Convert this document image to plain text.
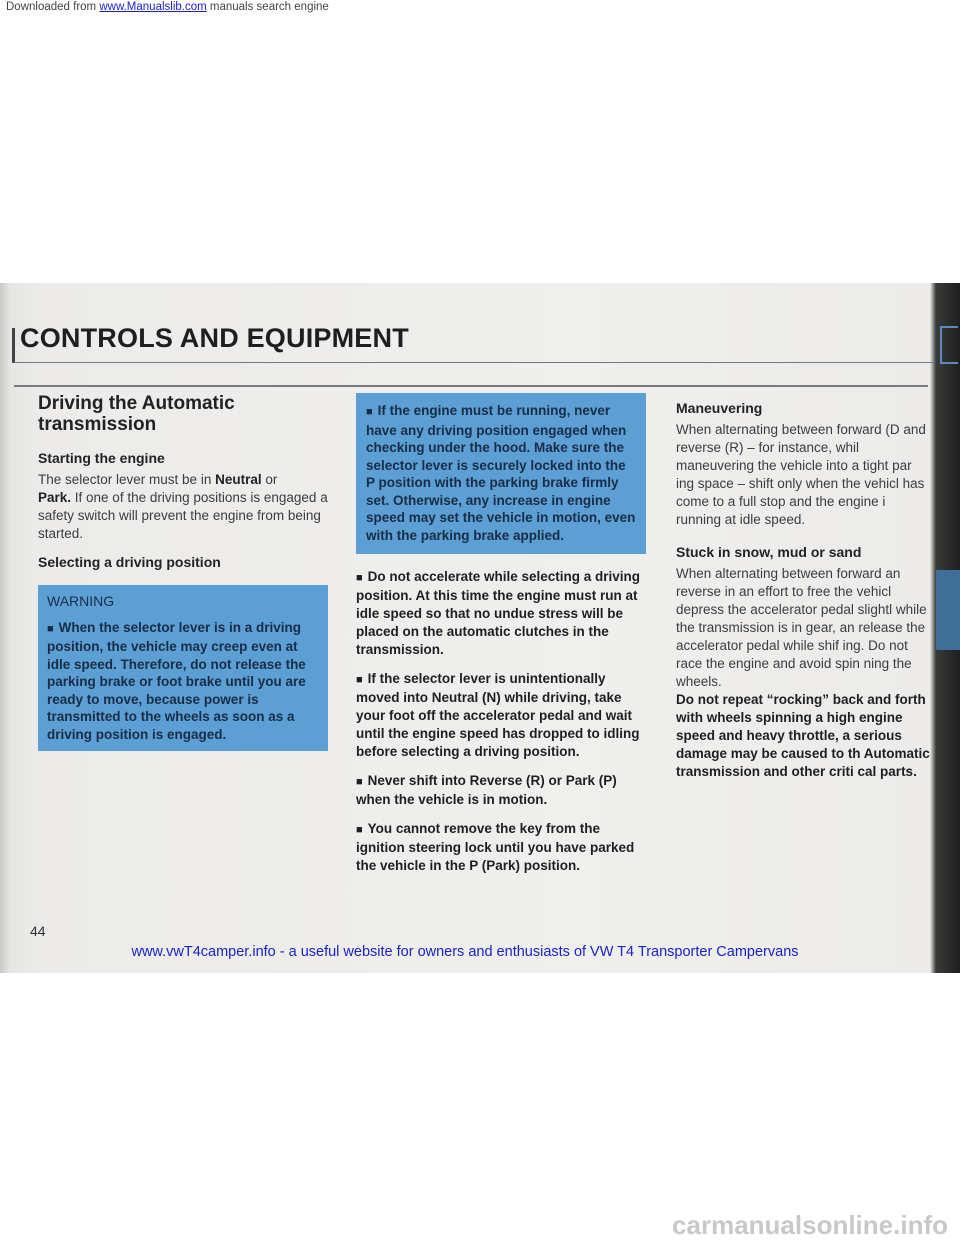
Downloaded from www.Manualslib.com manuals search engine
CONTROLS AND EQUIPMENT
Driving the Automatic transmission
Starting the engine

The selector lever must be in Neutral or
Park. If one of the driving positions is engaged a safety switch will prevent the engine from being started.

Selecting a driving position
WARNING
■ When the selector lever is in a driving position, the vehicle may creep even at idle speed. Therefore, do not release the parking brake or foot brake until you are ready to move, because power is transmitted to the wheels as soon as a driving position is engaged.
■ If the engine must be running, never have any driving position engaged when checking under the hood. Make sure the selector lever is securely locked into the P position with the parking brake firmly set. Otherwise, any increase in engine speed may set the vehicle in motion, even with the parking brake applied.

■ Do not accelerate while selecting a driving position. At this time the engine must run at idle speed so that no undue stress will be placed on the automatic clutches in the transmission.

■ If the selector lever is unintentionally moved into Neutral (N) while driving, take your foot off the accelerator pedal and wait until the engine speed has dropped to idling before selecting a driving position.

■ Never shift into Reverse (R) or Park (P) when the vehicle is in motion.

■ You cannot remove the key from the ignition steering lock until you have parked the vehicle in the P (Park) position.

Maneuvering

When alternating between forward (D and reverse (R) – for instance, whil maneuvering the vehicle into a tight par ing space – shift only when the vehicl has come to a full stop and the engine i running at idle speed.

Stuck in snow, mud or sand

When alternating between forward an reverse in an effort to free the vehicl depress the accelerator pedal slightl while the transmission is in gear, an release the accelerator pedal while shif ing. Do not race the engine and avoid spin ning the wheels.

Do not repeat “rocking” back and forth with wheels spinning a high engine speed and heavy throttle, a serious damage may be caused to th Automatic transmission and other criti cal parts.

44
www.vwT4camper.info - a useful website for owners and enthusiasts of VW T4 Transporter Campervans
carmanualsonline.info
